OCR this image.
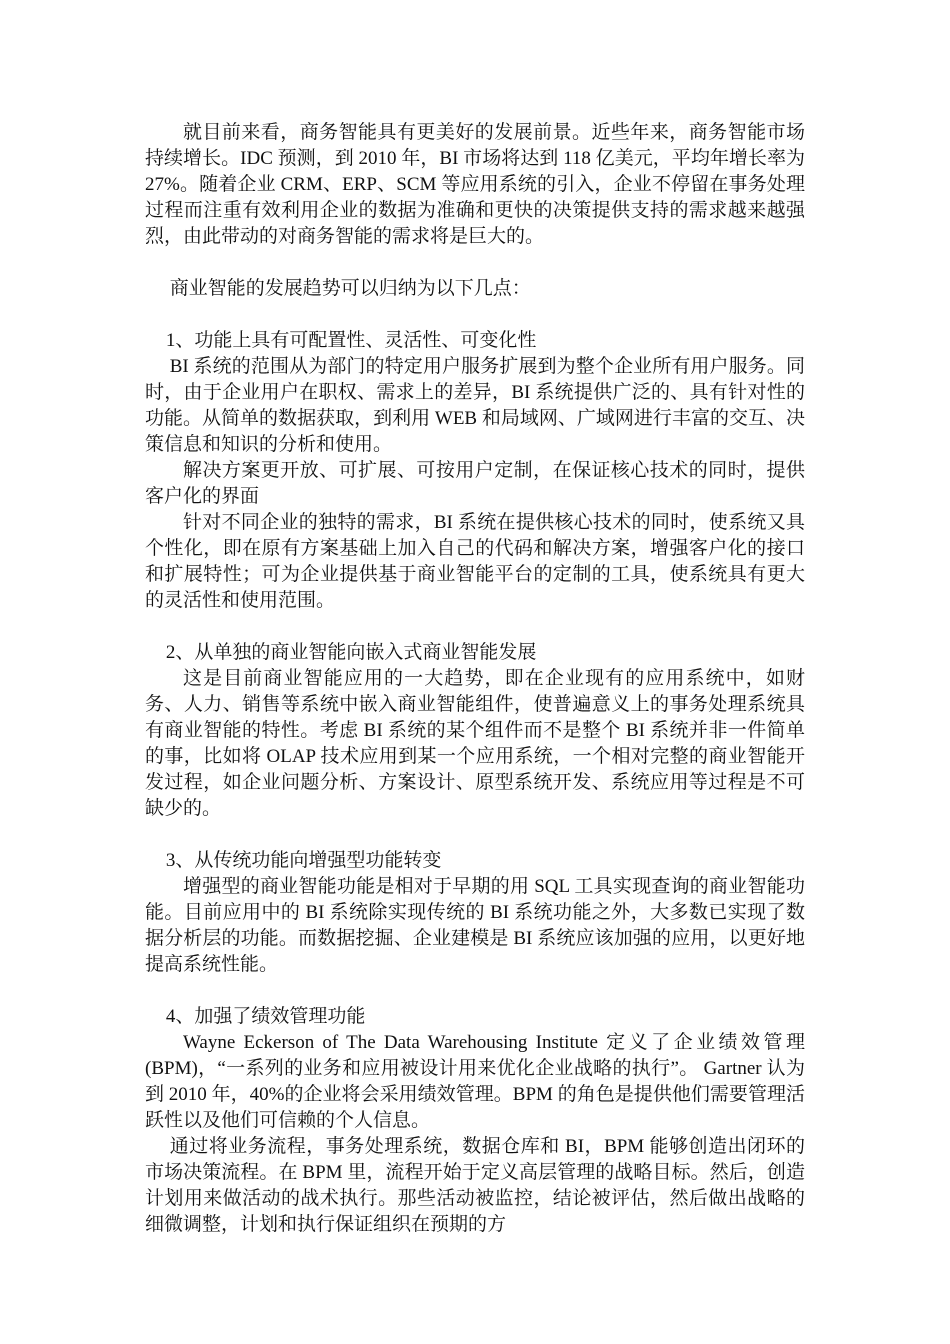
就目前来看，商务智能具有更美好的发展前景。近些年来，商务智能市场持续增长。IDC 预测，到 2010 年，BI 市场将达到 118 亿美元，平均年增长率为 27%。随着企业 CRM、ERP、SCM 等应用系统的引入，企业不停留在事务处理过程而注重有效利用企业的数据为准确和更快的决策提供支持的需求越来越强烈，由此带动的对商务智能的需求将是巨大的。

商业智能的发展趋势可以归纳为以下几点：

1、功能上具有可配置性、灵活性、可变化性

BI 系统的范围从为部门的特定用户服务扩展到为整个企业所有用户服务。同时，由于企业用户在职权、需求上的差异，BI 系统提供广泛的、具有针对性的功能。从简单的数据获取，到利用 WEB 和局域网、广域网进行丰富的交互、决策信息和知识的分析和使用。

解决方案更开放、可扩展、可按用户定制，在保证核心技术的同时，提供客户化的界面

针对不同企业的独特的需求，BI 系统在提供核心技术的同时，使系统又具个性化，即在原有方案基础上加入自己的代码和解决方案，增强客户化的接口和扩展特性；可为企业提供基于商业智能平台的定制的工具，使系统具有更大的灵活性和使用范围。

2、从单独的商业智能向嵌入式商业智能发展

这是目前商业智能应用的一大趋势，即在企业现有的应用系统中，如财务、人力、销售等系统中嵌入商业智能组件，使普遍意义上的事务处理系统具有商业智能的特性。考虑 BI 系统的某个组件而不是整个 BI 系统并非一件简单的事，比如将 OLAP 技术应用到某一个应用系统，一个相对完整的商业智能开发过程，如企业问题分析、方案设计、原型系统开发、系统应用等过程是不可缺少的。

3、从传统功能向增强型功能转变

增强型的商业智能功能是相对于早期的用 SQL 工具实现查询的商业智能功能。目前应用中的 BI 系统除实现传统的 BI 系统功能之外，大多数已实现了数据分析层的功能。而数据挖掘、企业建模是 BI 系统应该加强的应用，以更好地提高系统性能。

4、加强了绩效管理功能

Wayne Eckerson of The Data Warehousing Institute 定义了企业绩效管理(BPM)，“一系列的业务和应用被设计用来优化企业战略的执行”。 Gartner 认为到 2010 年，40%的企业将会采用绩效管理。BPM 的角色是提供他们需要管理活跃性以及他们可信赖的个人信息。

通过将业务流程，事务处理系统，数据仓库和 BI，BPM 能够创造出闭环的市场决策流程。在 BPM 里，流程开始于定义高层管理的战略目标。然后，创造计划用来做活动的战术执行。那些活动被监控，结论被评估，然后做出战略的细微调整，计划和执行保证组织在预期的方
